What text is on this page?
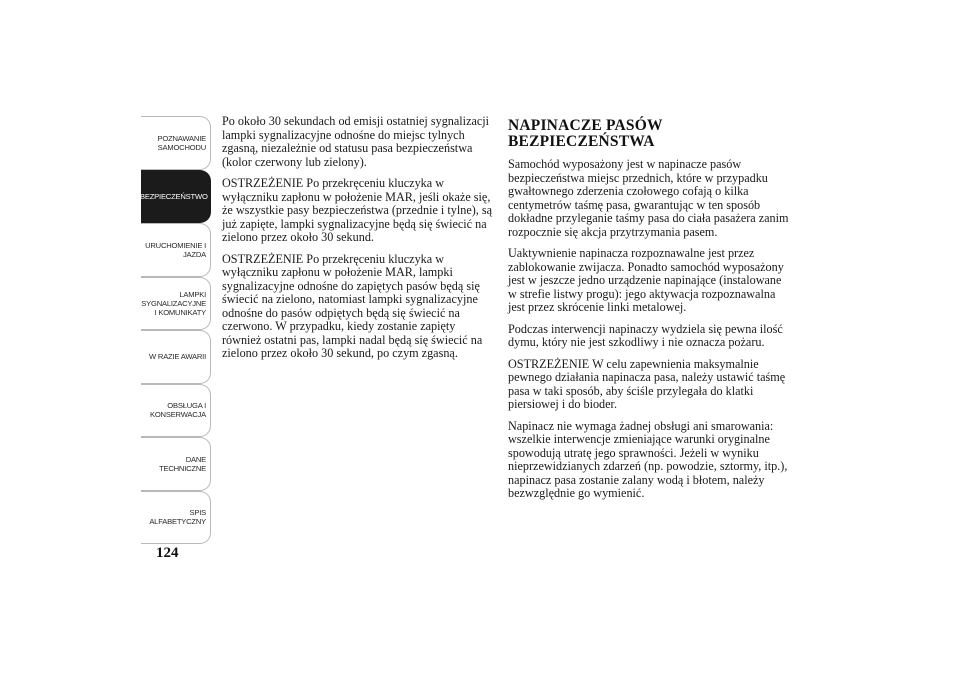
POZNAWANIE
SAMOCHODU
BEZPIECZEŃSTWO
URUCHOMIENIE I
JAZDA
LAMPKI
SYGNALIZACYJNE
I KOMUNIKATY
W RAZIE AWARII
OBSŁUGA I
KONSERWACJA
DANE
TECHNICZNE
SPIS
ALFABETYCZNY
124

Po około 30 sekundach od emisji ostatniej sygnalizacji lampki sygnalizacyjne odnośne do miejsc tylnych zgasną, niezależnie od statusu pasa bezpieczeństwa (kolor czerwony lub zielony).

OSTRZEŻENIE Po przekręceniu kluczyka w wyłączniku zapłonu w położenie MAR, jeśli okaże się, że wszystkie pasy bezpieczeństwa (przednie i tylne), są już zapięte, lampki sygnalizacyjne będą się świecić na zielono przez około 30 sekund.

OSTRZEŻENIE Po przekręceniu kluczyka w wyłączniku zapłonu w położenie MAR, lampki sygnalizacyjne odnośne do zapiętych pasów będą się świecić na zielono, natomiast lampki sygnalizacyjne odnośne do pasów odpiętych będą się świecić na czerwono. W przypadku, kiedy zostanie zapięty również ostatni pas, lampki nadal będą się świecić na zielono przez około 30 sekund, po czym zgasną.

NAPINACZE PASÓW BEZPIECZEŃSTWA

Samochód wyposażony jest w napinacze pasów bezpieczeństwa miejsc przednich, które w przypadku gwałtownego zderzenia czołowego cofają o kilka centymetrów taśmę pasa, gwarantując w ten sposób dokładne przyleganie taśmy pasa do ciała pasażera zanim rozpocznie się akcja przytrzymania pasem.

Uaktywnienie napinacza rozpoznawalne jest przez zablokowanie zwijacza. Ponadto samochód wyposażony jest w jeszcze jedno urządzenie napinające (instalowane w strefie listwy progu): jego aktywacja rozpoznawalna jest przez skrócenie linki metalowej.

Podczas interwencji napinaczy wydziela się pewna ilość dymu, który nie jest szkodliwy i nie oznacza pożaru.

OSTRZEŻENIE W celu zapewnienia maksymalnie pewnego działania napinacza pasa, należy ustawić taśmę pasa w taki sposób, aby ściśle przylegała do klatki piersiowej i do bioder.

Napinacz nie wymaga żadnej obsługi ani smarowania: wszelkie interwencje zmieniające warunki oryginalne spowodują utratę jego sprawności. Jeżeli w wyniku nieprzewidzianych zdarzeń (np. powodzie, sztormy, itp.), napinacz pasa zostanie zalany wodą i błotem, należy bezwzględnie go wymienić.
